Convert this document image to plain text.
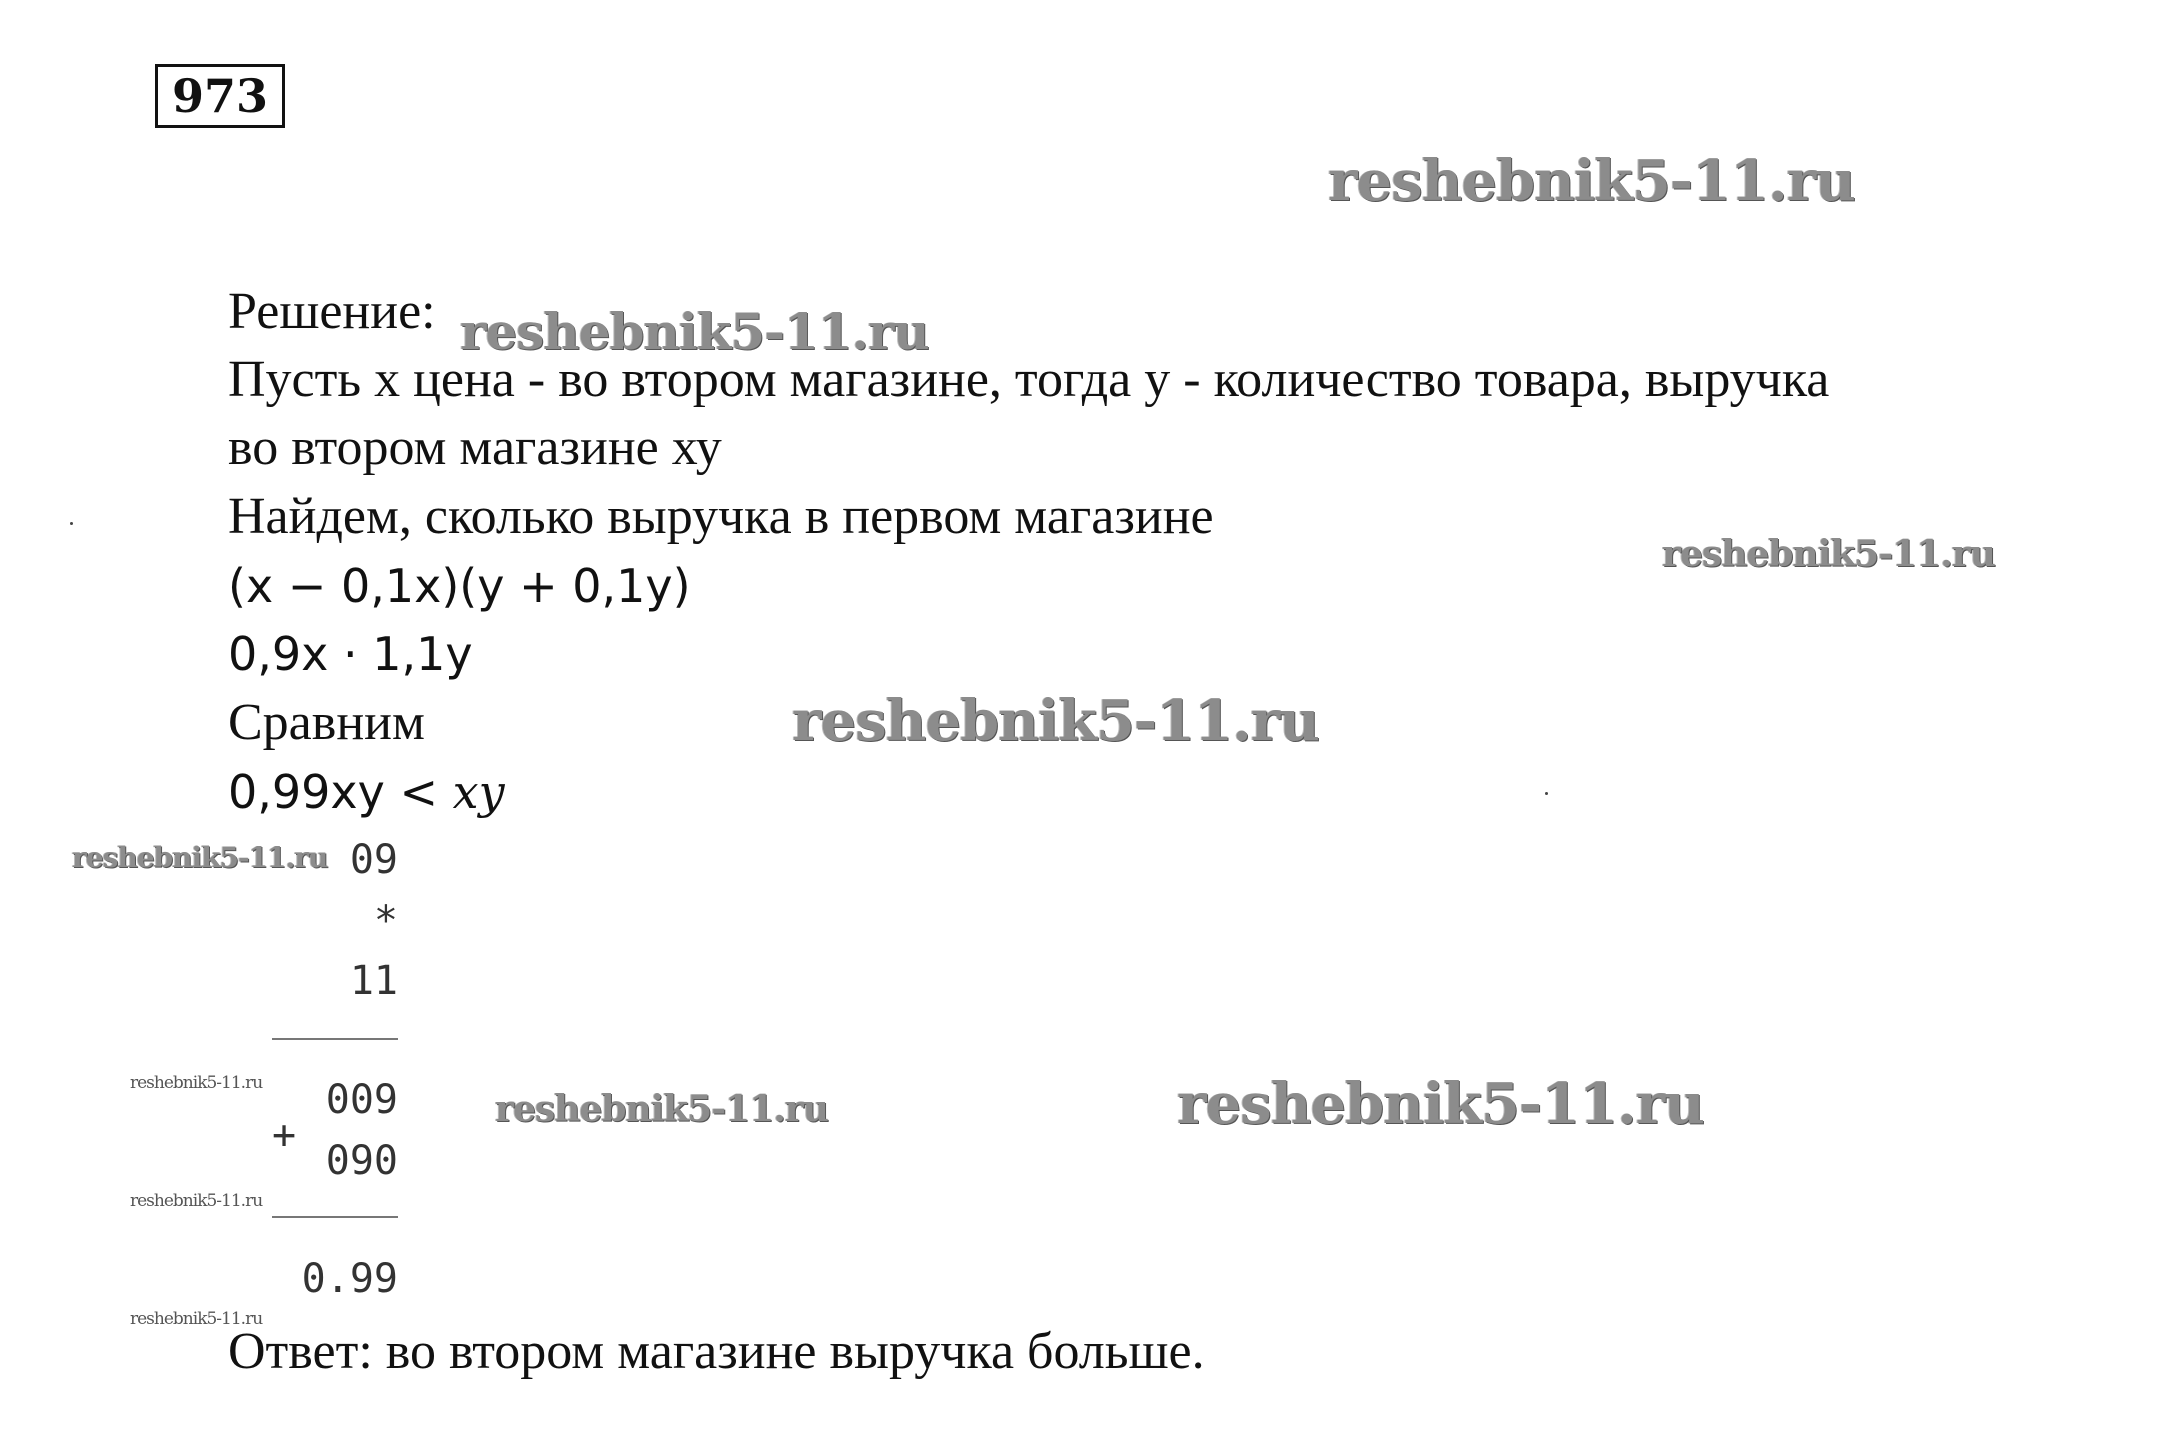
973
reshebnik5-11.ru
reshebnik5-11.ru
reshebnik5-11.ru
reshebnik5-11.ru
reshebnik5-11.ru
reshebnik5-11.ru	reshebnik5-11.ru
reshebnik5-11.ru
reshebnik5-11.ru
reshebnik5-11.ru
Решение:
Пусть х цена - во втором магазине, тогда у - количество товара, выручка
во втором магазине ху
Найдем, сколько выручка в первом магазине
(x − 0,1x)(y + 0,1y)
0,9x · 1,1y
Сравним
0,99xy < xy
09
*
11
009
+
090
0.99
Ответ: во втором магазине выручка больше.
